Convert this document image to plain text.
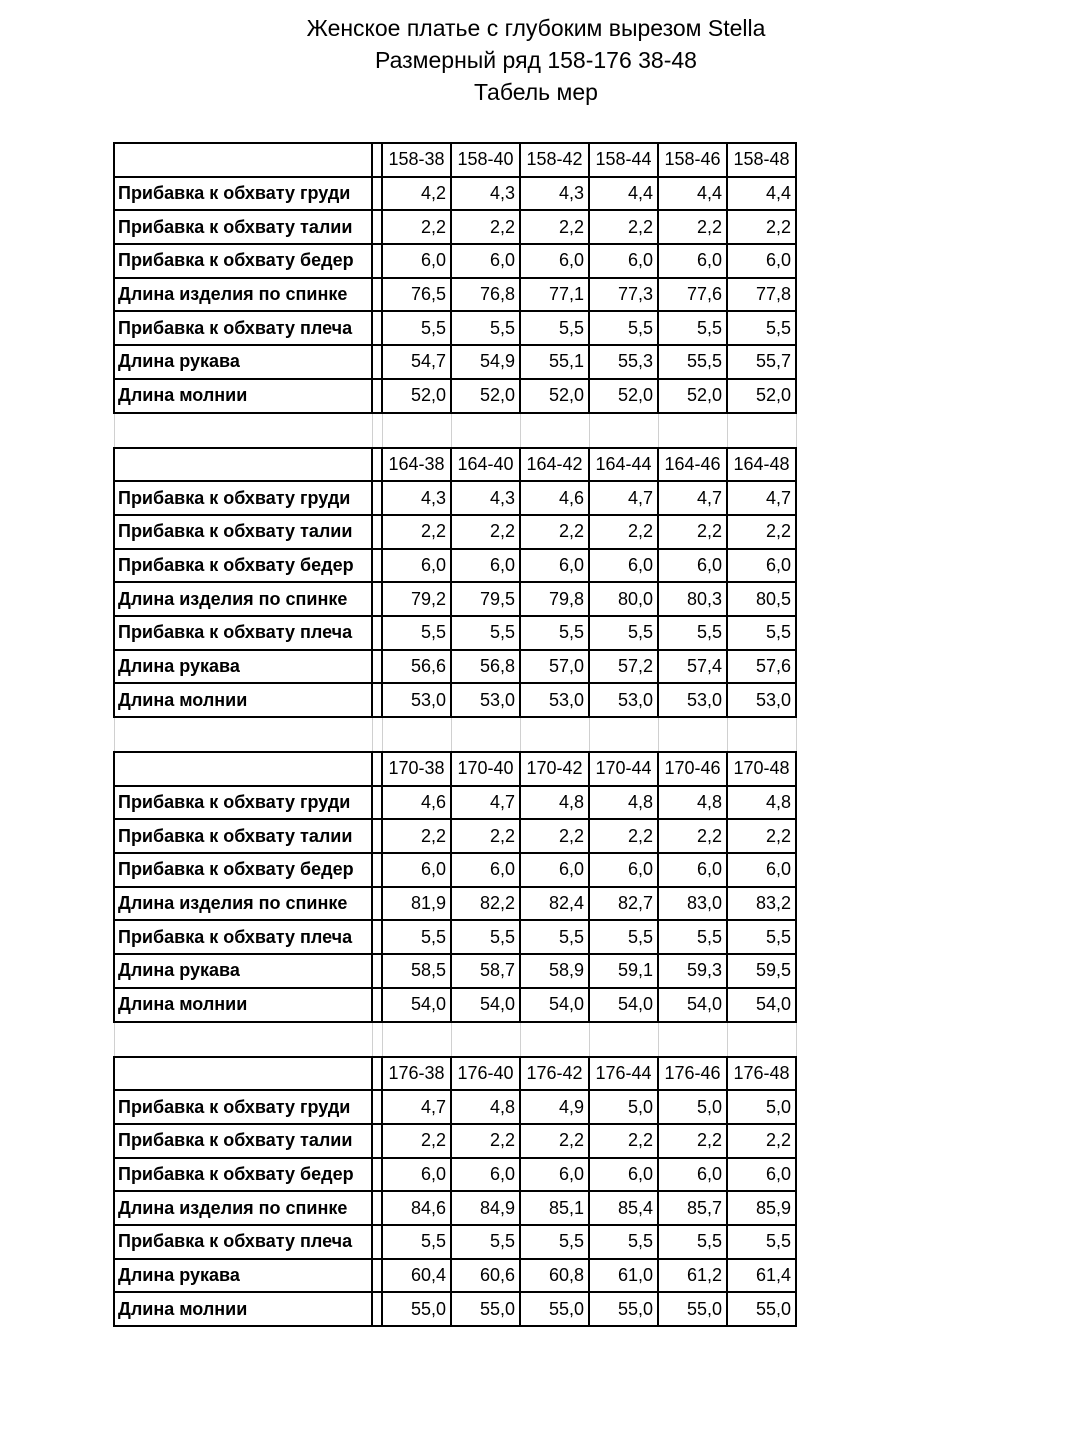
Женское платье с глубоким вырезом Stella
Размерный ряд 158-176 38-48
Табель мер
		158-38	158-40	158-42	158-44	158-46	158-48
Прибавка к обхвату груди		4,2	4,3	4,3	4,4	4,4	4,4
Прибавка к обхвату талии		2,2	2,2	2,2	2,2	2,2	2,2
Прибавка к обхвату бедер		6,0	6,0	6,0	6,0	6,0	6,0
Длина изделия по спинке		76,5	76,8	77,1	77,3	77,6	77,8
Прибавка к обхвату плеча		5,5	5,5	5,5	5,5	5,5	5,5
Длина рукава		54,7	54,9	55,1	55,3	55,5	55,7
Длина молнии		52,0	52,0	52,0	52,0	52,0	52,0

		164-38	164-40	164-42	164-44	164-46	164-48
Прибавка к обхвату груди		4,3	4,3	4,6	4,7	4,7	4,7
Прибавка к обхвату талии		2,2	2,2	2,2	2,2	2,2	2,2
Прибавка к обхвату бедер		6,0	6,0	6,0	6,0	6,0	6,0
Длина изделия по спинке		79,2	79,5	79,8	80,0	80,3	80,5
Прибавка к обхвату плеча		5,5	5,5	5,5	5,5	5,5	5,5
Длина рукава		56,6	56,8	57,0	57,2	57,4	57,6
Длина молнии		53,0	53,0	53,0	53,0	53,0	53,0

		170-38	170-40	170-42	170-44	170-46	170-48
Прибавка к обхвату груди		4,6	4,7	4,8	4,8	4,8	4,8
Прибавка к обхвату талии		2,2	2,2	2,2	2,2	2,2	2,2
Прибавка к обхвату бедер		6,0	6,0	6,0	6,0	6,0	6,0
Длина изделия по спинке		81,9	82,2	82,4	82,7	83,0	83,2
Прибавка к обхвату плеча		5,5	5,5	5,5	5,5	5,5	5,5
Длина рукава		58,5	58,7	58,9	59,1	59,3	59,5
Длина молнии		54,0	54,0	54,0	54,0	54,0	54,0

		176-38	176-40	176-42	176-44	176-46	176-48
Прибавка к обхвату груди		4,7	4,8	4,9	5,0	5,0	5,0
Прибавка к обхвату талии		2,2	2,2	2,2	2,2	2,2	2,2
Прибавка к обхвату бедер		6,0	6,0	6,0	6,0	6,0	6,0
Длина изделия по спинке		84,6	84,9	85,1	85,4	85,7	85,9
Прибавка к обхвату плеча		5,5	5,5	5,5	5,5	5,5	5,5
Длина рукава		60,4	60,6	60,8	61,0	61,2	61,4
Длина молнии		55,0	55,0	55,0	55,0	55,0	55,0
